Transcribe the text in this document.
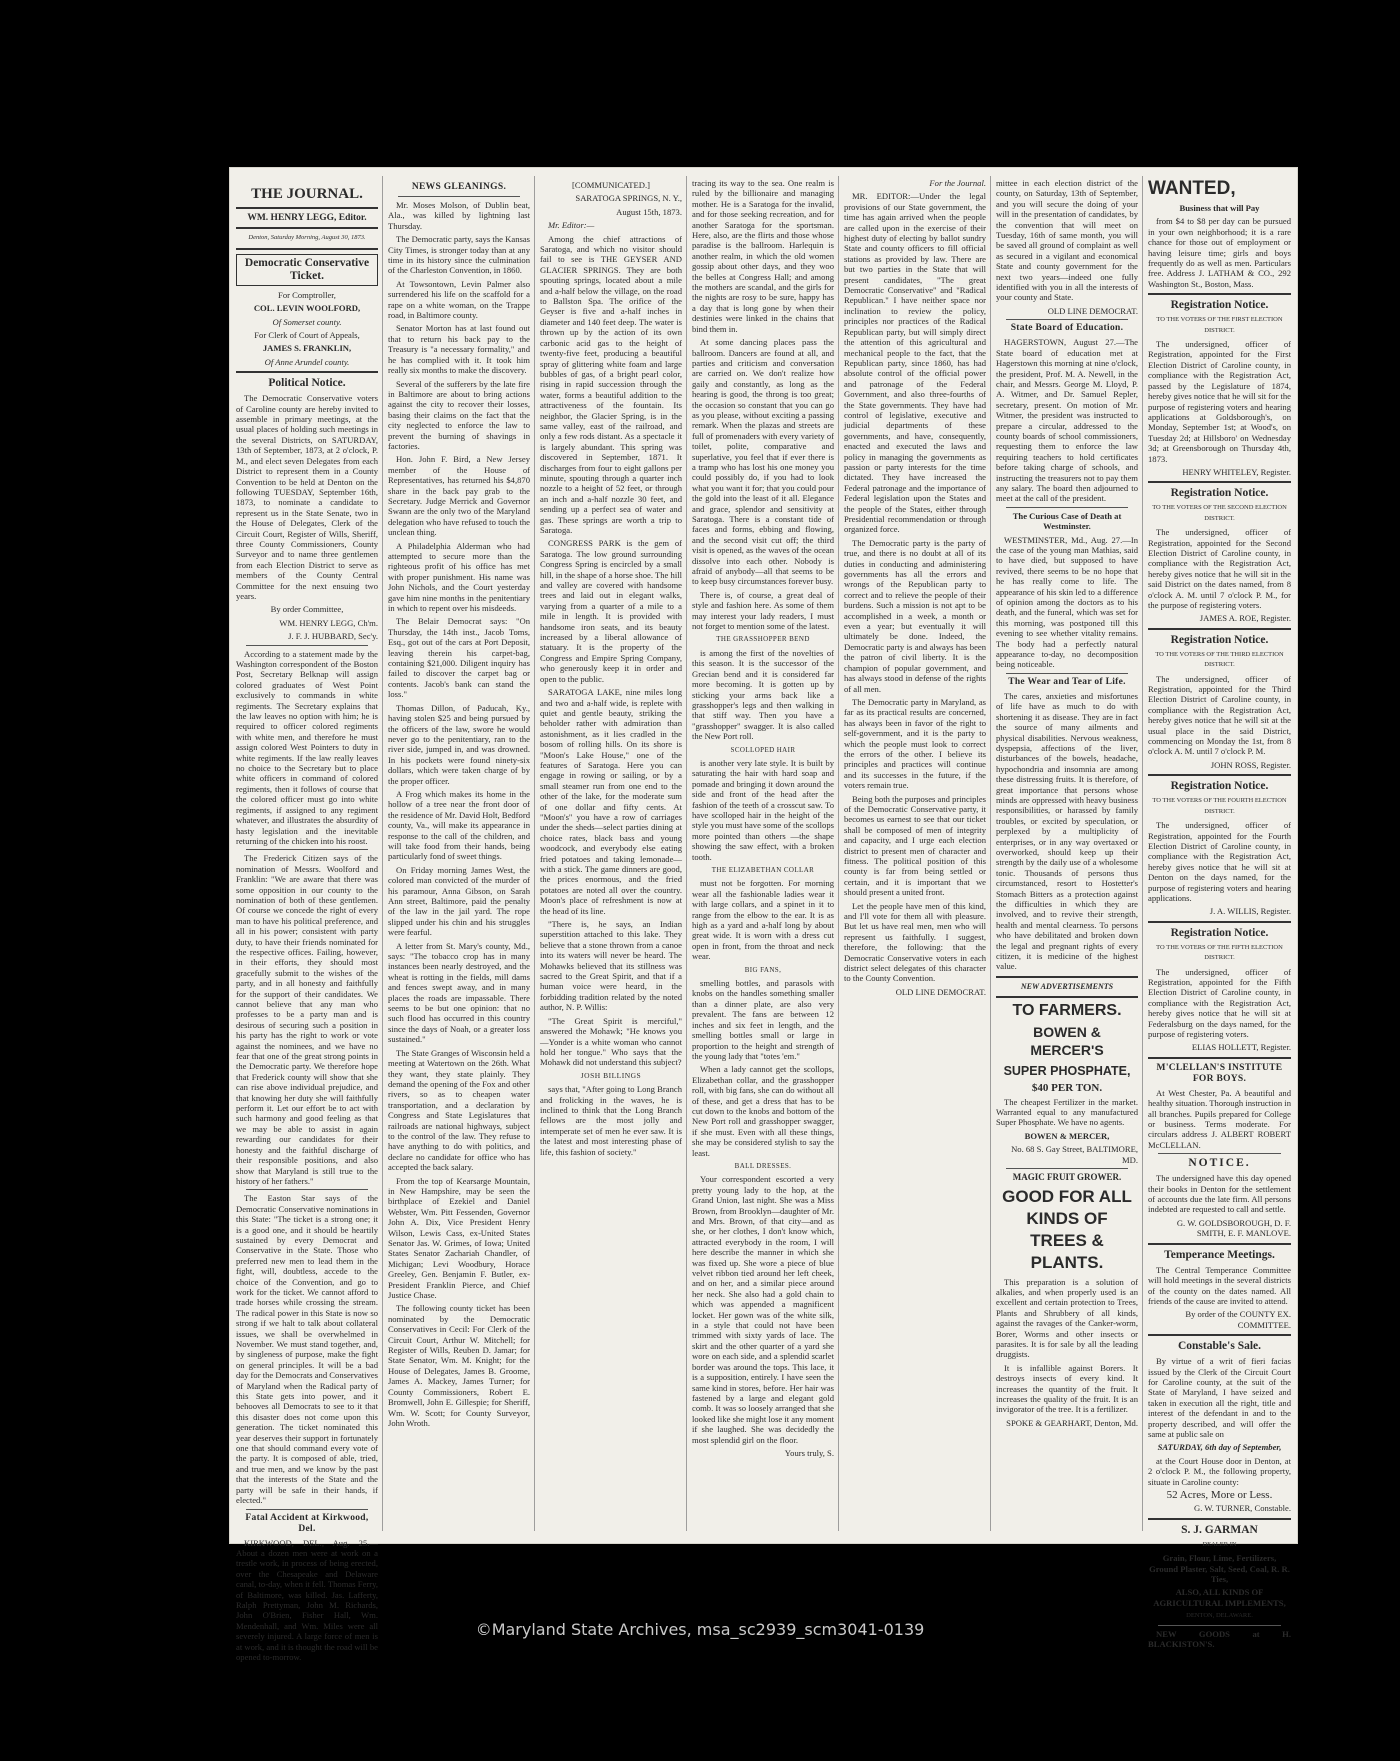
THE JOURNAL.

WM. HENRY LEGG, Editor.

Denton, Saturday Morning, August 30, 1873.

Democratic Conservative Ticket.

For Comptroller,

COL. LEVIN WOOLFORD,

Of Somerset county.

For Clerk of Court of Appeals,

JAMES S. FRANKLIN,

Of Anne Arundel county.

Political Notice.

The Democratic Conservative voters of Caroline county are hereby invited to assemble in primary meetings, at the usual places of holding such meetings in the several Districts, on SATURDAY, 13th of September, 1873, at 2 o'clock, P. M., and elect seven Delegates from each District to represent them in a County Convention to be held at Denton on the following TUESDAY, September 16th, 1873, to nominate a candidate to represent us in the State Senate, two in the House of Delegates, Clerk of the Circuit Court, Register of Wills, Sheriff, three County Commissioners, County Surveyor and to name three gentlemen from each Election District to serve as members of the County Central Committee for the next ensuing two years.

By order Committee,

WM. HENRY LEGG, Ch'm.

J. F. J. HUBBARD, Sec'y.

According to a statement made by the Washington correspondent of the Boston Post, Secretary Belknap will assign colored graduates of West Point exclusively to commands in white regiments. The Secretary explains that the law leaves no option with him; he is required to officer colored regiments with white men, and therefore he must assign colored West Pointers to duty in white regiments. If the law really leaves no choice to the Secretary but to place white officers in command of colored regiments, then it follows of course that the colored officer must go into white regiments, if assigned to any regiment whatever, and illustrates the absurdity of hasty legislation and the inevitable returning of the chicken into his roost.

The Frederick Citizen says of the nomination of Messrs. Woolford and Franklin: "We are aware that there was some opposition in our county to the nomination of both of these gentlemen. Of course we concede the right of every man to have his political preference, and all in his power; consistent with party duty, to have their friends nominated for the respective offices. Failing, however, in their efforts, they should most gracefully submit to the wishes of the party, and in all honesty and faithfully for the support of their candidates. We cannot believe that any man who professes to be a party man and is desirous of securing such a position in his party has the right to work or vote against the nominees, and we have no fear that one of the great strong points in the Democratic party. We therefore hope that Frederick county will show that she can rise above individual prejudice, and that knowing her duty she will faithfully perform it. Let our effort be to act with such harmony and good feeling as that we may be able to assist in again rewarding our candidates for their honesty and the faithful discharge of their responsible positions, and also show that Maryland is still true to the history of her fathers."

The Easton Star says of the Democratic Conservative nominations in this State: "The ticket is a strong one; it is a good one, and it should be heartily sustained by every Democrat and Conservative in the State. Those who preferred new men to lead them in the fight, will, doubtless, accede to the choice of the Convention, and go to work for the ticket. We cannot afford to trade horses while crossing the stream. The radical power in this State is now so strong if we halt to talk about collateral issues, we shall be overwhelmed in November. We must stand together, and, by singleness of purpose, make the fight on general principles. It will be a bad day for the Democrats and Conservatives of Maryland when the Radical party of this State gets into power, and it behooves all Democrats to see to it that this disaster does not come upon this generation. The ticket nominated this year deserves their support in fortunately one that should command every vote of the party. It is composed of able, tried, and true men, and we know by the past that the interests of the State and the party will be safe in their hands, if elected."

Fatal Accident at Kirkwood, Del.

KIRKWOOD, DEL., Aug. 25.—About a dozen men were at work on a trestle work, in process of being erected, over the Chesapeake and Delaware canal, to-day, when it fell. Thomas Ferry, of Baltimore, was killed. Jas. Lafferty, Ralph Prettyman, John M. Richards, John O'Brien, Fisher Hall, Wm. Mendenhall, and Wm. Miles were all severely injured. A large force of men is at work, and it is thought the road will be opened to-morrow.

NEWS GLEANINGS.

Mr. Moses Molson, of Dublin beat, Ala., was killed by lightning last Thursday.

The Democratic party, says the Kansas City Times, is stronger today than at any time in its history since the culmination of the Charleston Convention, in 1860.

At Towsontown, Levin Palmer also surrendered his life on the scaffold for a rape on a white woman, on the Trappe road, in Baltimore county.

Senator Morton has at last found out that to return his back pay to the Treasury is "a necessary formality," and he has complied with it. It took him really six months to make the discovery.

Several of the sufferers by the late fire in Baltimore are about to bring actions against the city to recover their losses, basing their claims on the fact that the city neglected to enforce the law to prevent the burning of shavings in factories.

Hon. John F. Bird, a New Jersey member of the House of Representatives, has returned his $4,870 share in the back pay grab to the Secretary. Judge Merrick and Governor Swann are the only two of the Maryland delegation who have refused to touch the unclean thing.

A Philadelphia Alderman who had attempted to secure more than the righteous profit of his office has met with proper punishment. His name was John Nichols, and the Court yesterday gave him nine months in the penitentiary in which to repent over his misdeeds.

The Belair Democrat says: "On Thursday, the 14th inst., Jacob Toms, Esq., got out of the cars at Port Deposit, leaving therein his carpet-bag, containing $21,000. Diligent inquiry has failed to discover the carpet bag or contents. Jacob's bank can stand the loss."

Thomas Dillon, of Paducah, Ky., having stolen $25 and being pursued by the officers of the law, swore he would never go to the penitentiary, ran to the river side, jumped in, and was drowned. In his pockets were found ninety-six dollars, which were taken charge of by the proper officer.

A Frog which makes its home in the hollow of a tree near the front door of the residence of Mr. David Holt, Bedford county, Va., will make its appearance in response to the call of the children, and will take food from their hands, being particularly fond of sweet things.

On Friday morning James West, the colored man convicted of the murder of his paramour, Anna Gibson, on Sarah Ann street, Baltimore, paid the penalty of the law in the jail yard. The rope slipped under his chin and his struggles were fearful.

A letter from St. Mary's county, Md., says: "The tobacco crop has in many instances been nearly destroyed, and the wheat is rotting in the fields, mill dams and fences swept away, and in many places the roads are impassable. There seems to be but one opinion: that no such flood has occurred in this country since the days of Noah, or a greater loss sustained."

The State Granges of Wisconsin held a meeting at Watertown on the 26th. What they want, they state plainly. They demand the opening of the Fox and other rivers, so as to cheapen water transportation, and a declaration by Congress and State Legislatures that railroads are national highways, subject to the control of the law. They refuse to have anything to do with politics, and declare no candidate for office who has accepted the back salary.

From the top of Kearsarge Mountain, in New Hampshire, may be seen the birthplace of Ezekiel and Daniel Webster, Wm. Pitt Fessenden, Governor John A. Dix, Vice President Henry Wilson, Lewis Cass, ex-United States Senator Jas. W. Grimes, of Iowa; United States Senator Zachariah Chandler, of Michigan; Levi Woodbury, Horace Greeley, Gen. Benjamin F. Butler, ex-President Franklin Pierce, and Chief Justice Chase.

The following county ticket has been nominated by the Democratic Conservatives in Cecil: For Clerk of the Circuit Court, Arthur W. Mitchell; for Register of Wills, Reuben D. Jamar; for State Senator, Wm. M. Knight; for the House of Delegates, James B. Groome, James A. Mackey, James Turner; for County Commissioners, Robert E. Bromwell, John E. Gillespie; for Sheriff, Wm. W. Scott; for County Surveyor, John Wroth.

[COMMUNICATED.]

SARATOGA SPRINGS, N. Y.,

August 15th, 1873.

Mr. Editor:—

Among the chief attractions of Saratoga, and which no visitor should fail to see is THE GEYSER AND GLACIER SPRINGS. They are both spouting springs, located about a mile and a-half below the village, on the road to Ballston Spa. The orifice of the Geyser is five and a-half inches in diameter and 140 feet deep. The water is thrown up by the action of its own carbonic acid gas to the height of twenty-five feet, producing a beautiful spray of glittering white foam and large bubbles of gas, of a bright pearl color, rising in rapid succession through the water, forms a beautiful addition to the attractiveness of the fountain. Its neighbor, the Glacier Spring, is in the same valley, east of the railroad, and only a few rods distant. As a spectacle it is largely abundant. This spring was discovered in September, 1871. It discharges from four to eight gallons per minute, spouting through a quarter inch nozzle to a height of 52 feet, or through an inch and a-half nozzle 30 feet, and sending up a perfect sea of water and gas. These springs are worth a trip to Saratoga.

CONGRESS PARK is the gem of Saratoga. The low ground surrounding Congress Spring is encircled by a small hill, in the shape of a horse shoe. The hill and valley are covered with handsome trees and laid out in elegant walks, varying from a quarter of a mile to a mile in length. It is provided with handsome iron seats, and its beauty increased by a liberal allowance of statuary. It is the property of the Congress and Empire Spring Company, who generously keep it in order and open to the public.

SARATOGA LAKE, nine miles long and two and a-half wide, is replete with quiet and gentle beauty, striking the beholder rather with admiration than astonishment, as it lies cradled in the bosom of rolling hills. On its shore is "Moon's Lake House," one of the features of Saratoga. Here you can engage in rowing or sailing, or by a small steamer run from one end to the other of the lake, for the moderate sum of one dollar and fifty cents. At "Moon's" you have a row of carriages under the sheds—select parties dining at choice rates, black bass and young woodcock, and everybody else eating fried potatoes and taking lemonade—with a stick. The game dinners are good, the prices enormous, and the fried potatoes are noted all over the country. Moon's place of refreshment is now at the head of its line.

"There is, he says, an Indian superstition attached to this lake. They believe that a stone thrown from a canoe into its waters will never be heard. The Mohawks believed that its stillness was sacred to the Great Spirit, and that if a human voice were heard, in the forbidding tradition related by the noted author, N. P. Willis:

"The Great Spirit is merciful," answered the Mohawk; "He knows you—Yonder is a white woman who cannot hold her tongue." Who says that the Mohawk did not understand this subject?

JOSH BILLINGS

says that, "After going to Long Branch and frolicking in the waves, he is inclined to think that the Long Branch fellows are the most jolly and intemperate set of men he ever saw. It is the latest and most interesting phase of life, this fashion of society."

tracing its way to the sea. One realm is ruled by the billionaire and managing mother. He is a Saratoga for the invalid, and for those seeking recreation, and for another Saratoga for the sportsman. Here, also, are the flirts and those whose paradise is the ballroom. Harlequin is another realm, in which the old women gossip about other days, and they woo the belles at Congress Hall; and among the mothers are scandal, and the girls for the nights are rosy to be sure, happy has a day that is long gone by when their destinies were linked in the chains that bind them in.

At some dancing places pass the ballroom. Dancers are found at all, and parties and criticism and conversation are carried on. We don't realize how gaily and constantly, as long as the hearing is good, the throng is too great; the occasion so constant that you can go as you please, without exciting a passing remark. When the plazas and streets are full of promenaders with every variety of toilet, polite, comparative and superlative, you feel that if ever there is a tramp who has lost his one money you could possibly do, if you had to look what you want it for; that you could pour the gold into the least of it all. Elegance and grace, splendor and sensitivity at Saratoga. There is a constant tide of faces and forms, ebbing and flowing, and the second visit cut off; the third visit is opened, as the waves of the ocean dissolve into each other. Nobody is afraid of anybody—all that seems to be to keep busy circumstances forever busy.

There is, of course, a great deal of style and fashion here. As some of them may interest your lady readers, I must not forget to mention some of the latest.

THE GRASSHOPPER BEND

is among the first of the novelties of this season. It is the successor of the Grecian bend and it is considered far more becoming. It is gotten up by sticking your arms back like a grasshopper's legs and then walking in that stiff way. Then you have a "grasshopper" swagger. It is also called the New Port roll.

SCOLLOPED HAIR

is another very late style. It is built by saturating the hair with hard soap and pomade and bringing it down around the side and front of the head after the fashion of the teeth of a crosscut saw. To have scolloped hair in the height of the style you must have some of the scollops more pointed than others —the shape showing the saw effect, with a broken tooth.

THE ELIZABETHAN COLLAR

must not be forgotten. For morning wear all the fashionable ladies wear it with large collars, and a spinet in it to range from the elbow to the ear. It is as high as a yard and a-half long by about great wide. It is worn with a dress cut open in front, from the throat and neck wear.

BIG FANS,

smelling bottles, and parasols with knobs on the handles something smaller than a dinner plate, are also very prevalent. The fans are between 12 inches and six feet in length, and the smelling bottles small or large in proportion to the height and strength of the young lady that "totes 'em."

When a lady cannot get the scollops, Elizabethan collar, and the grasshopper roll, with big fans, she can do without all of these, and get a dress that has to be cut down to the knobs and bottom of the New Port roll and grasshopper swagger, if she must. Even with all these things, she may be considered stylish to say the least.

BALL DRESSES.

Your correspondent escorted a very pretty young lady to the hop, at the Grand Union, last night. She was a Miss Brown, from Brooklyn—daughter of Mr. and Mrs. Brown, of that city—and as she, or her clothes, I don't know which, attracted everybody in the room, I will here describe the manner in which she was fixed up. She wore a piece of blue velvet ribbon tied around her left cheek, and on her, and a similar piece around her neck. She also had a gold chain to which was appended a magnificent locket. Her gown was of the white silk, in a style that could not have been trimmed with sixty yards of lace. The skirt and the other quarter of a yard she wore on each side, and a splendid scarlet border was around the tops. This lace, it is a supposition, entirely. I have seen the same kind in stores, before. Her hair was fastened by a large and elegant gold comb. It was so loosely arranged that she looked like she might lose it any moment if she laughed. She was decidedly the most splendid girl on the floor.

Yours truly, S.

For the Journal.

MR. EDITOR:—Under the legal provisions of our State government, the time has again arrived when the people are called upon in the exercise of their highest duty of electing by ballot sundry State and county officers to fill official stations as provided by law. There are but two parties in the State that will present candidates, "The great Democratic Conservative" and "Radical Republican." I have neither space nor inclination to review the policy, principles nor practices of the Radical Republican party, but will simply direct the attention of this agricultural and mechanical people to the fact, that the Republican party, since 1860, has had absolute control of the official power and patronage of the Federal Government, and also three-fourths of the State governments. They have had control of legislative, executive and judicial departments of these governments, and have, consequently, enacted and executed the laws and policy in managing the governments as passion or party interests for the time dictated. They have increased the Federal patronage and the importance of Federal legislation upon the States and the people of the States, either through Presidential recommendation or through organized force.

The Democratic party is the party of true, and there is no doubt at all of its duties in conducting and administering governments has all the errors and wrongs of the Republican party to correct and to relieve the people of their burdens. Such a mission is not apt to be accomplished in a week, a month or even a year; but eventually it will ultimately be done. Indeed, the Democratic party is and always has been the patron of civil liberty. It is the champion of popular government, and has always stood in defense of the rights of all men.

The Democratic party in Maryland, as far as its practical results are concerned, has always been in favor of the right to self-government, and it is the party to which the people must look to correct the errors of the other. I believe its principles and practices will continue and its successes in the future, if the voters remain true.

Being both the purposes and principles of the Democratic Conservative party, it becomes us earnest to see that our ticket shall be composed of men of integrity and capacity, and I urge each election district to present men of character and fitness. The political position of this county is far from being settled or certain, and it is important that we should present a united front.

Let the people have men of this kind, and I'll vote for them all with pleasure. But let us have real men, men who will represent us faithfully. I suggest, therefore, the following: that the Democratic Conservative voters in each district select delegates of this character to the County Convention.

OLD LINE DEMOCRAT.

mittee in each election district of the county, on Saturday, 13th of September, and you will secure the doing of your will in the presentation of candidates, by the convention that will meet on Tuesday, 16th of same month, you will be saved all ground of complaint as well as secured in a vigilant and economical State and county government for the next two years—indeed one fully identified with you in all the interests of your county and State.

OLD LINE DEMOCRAT.

State Board of Education.

HAGERSTOWN, August 27.—The State board of education met at Hagerstown this morning at nine o'clock, the president, Prof. M. A. Newell, in the chair, and Messrs. George M. Lloyd, P. A. Witmer, and Dr. Samuel Repler, secretary, present. On motion of Mr. Witmer, the president was instructed to prepare a circular, addressed to the county boards of school commissioners, requesting them to enforce the law requiring teachers to hold certificates before taking charge of schools, and instructing the treasurers not to pay them any salary. The board then adjourned to meet at the call of the president.

The Curious Case of Death at Westminster.

WESTMINSTER, Md., Aug. 27.—In the case of the young man Mathias, said to have died, but supposed to have revived, there seems to be no hope that he has really come to life. The appearance of his skin led to a difference of opinion among the doctors as to his death, and the funeral, which was set for this morning, was postponed till this evening to see whether vitality remains. The body had a perfectly natural appearance to-day, no decomposition being noticeable.

The Wear and Tear of Life.

The cares, anxieties and misfortunes of life have as much to do with shortening it as disease. They are in fact the source of many ailments and physical disabilities. Nervous weakness, dyspepsia, affections of the liver, disturbances of the bowels, headache, hypochondria and insomnia are among these distressing fruits. It is therefore, of great importance that persons whose minds are oppressed with heavy business responsibilities, or harassed by family troubles, or excited by speculation, or perplexed by a multiplicity of enterprises, or in any way overtaxed or overworked, should keep up their strength by the daily use of a wholesome tonic. Thousands of persons thus circumstanced, resort to Hostetter's Stomach Bitters as a protection against the difficulties in which they are involved, and to revive their strength, health and mental clearness. To persons who have debilitated and broken down the legal and pregnant rights of every citizen, it is medicine of the highest value.

NEW ADVERTISEMENTS

TO FARMERS.

BOWEN & MERCER'S

SUPER PHOSPHATE,

$40 PER TON.

The cheapest Fertilizer in the market. Warranted equal to any manufactured Super Phosphate. We have no agents.

BOWEN & MERCER,

No. 68 S. Gay Street, BALTIMORE, MD.

MAGIC FRUIT GROWER.

GOOD FOR ALL KINDS OF TREES & PLANTS.

This preparation is a solution of alkalies, and when properly used is an excellent and certain protection to Trees, Plants and Shrubbery of all kinds, against the ravages of the Canker-worm, Borer, Worms and other insects or parasites. It is for sale by all the leading druggists.

It is infallible against Borers. It destroys insects of every kind. It increases the quantity of the fruit. It increases the quality of the fruit. It is an invigorator of the tree. It is a fertilizer.

SPOKE & GEARHART, Denton, Md.

WANTED,

Business that will Pay

from $4 to $8 per day can be pursued in your own neighborhood; it is a rare chance for those out of employment or having leisure time; girls and boys frequently do as well as men. Particulars free. Address J. LATHAM & CO., 292 Washington St., Boston, Mass.

Registration Notice.

TO THE VOTERS OF THE FIRST ELECTION DISTRICT.

The undersigned, officer of Registration, appointed for the First Election District of Caroline county, in compliance with the Registration Act, passed by the Legislature of 1874, hereby gives notice that he will sit for the purpose of registering voters and hearing applications at Goldsborough's, on Monday, September 1st; at Wood's, on Tuesday 2d; at Hillsboro' on Wednesday 3d; at Greensborough on Thursday 4th, 1873.

HENRY WHITELEY, Register.

Registration Notice.

TO THE VOTERS OF THE SECOND ELECTION DISTRICT.

The undersigned, officer of Registration, appointed for the Second Election District of Caroline county, in compliance with the Registration Act, hereby gives notice that he will sit in the said District on the dates named, from 8 o'clock A. M. until 7 o'clock P. M., for the purpose of registering voters.

JAMES A. ROE, Register.

Registration Notice.

TO THE VOTERS OF THE THIRD ELECTION DISTRICT.

The undersigned, officer of Registration, appointed for the Third Election District of Caroline county, in compliance with the Registration Act, hereby gives notice that he will sit at the usual place in the said District, commencing on Monday the 1st, from 8 o'clock A. M. until 7 o'clock P. M.

JOHN ROSS, Register.

Registration Notice.

TO THE VOTERS OF THE FOURTH ELECTION DISTRICT.

The undersigned, officer of Registration, appointed for the Fourth Election District of Caroline county, in compliance with the Registration Act, hereby gives notice that he will sit at Denton on the days named, for the purpose of registering voters and hearing applications.

J. A. WILLIS, Register.

Registration Notice.

TO THE VOTERS OF THE FIFTH ELECTION DISTRICT.

The undersigned, officer of Registration, appointed for the Fifth Election District of Caroline county, in compliance with the Registration Act, hereby gives notice that he will sit at Federalsburg on the days named, for the purpose of registering voters.

ELIAS HOLLETT, Register.

M'CLELLAN'S INSTITUTE FOR BOYS.

At West Chester, Pa. A beautiful and healthy situation. Thorough instruction in all branches. Pupils prepared for College or business. Terms moderate. For circulars address J. ALBERT ROBERT McCLELLAN.

NOTICE.

The undersigned have this day opened their books in Denton for the settlement of accounts due the late firm. All persons indebted are requested to call and settle.

G. W. GOLDSBOROUGH, D. F. SMITH, E. F. MANLOVE.

Temperance Meetings.

The Central Temperance Committee will hold meetings in the several districts of the county on the dates named. All friends of the cause are invited to attend.

By order of the COUNTY EX. COMMITTEE.

Constable's Sale.

By virtue of a writ of fieri facias issued by the Clerk of the Circuit Court for Caroline county, at the suit of the State of Maryland, I have seized and taken in execution all the right, title and interest of the defendant in and to the property described, and will offer the same at public sale on

SATURDAY, 6th day of September,

at the Court House door in Denton, at 2 o'clock P. M., the following property, situate in Caroline county:

52 Acres, More or Less.

G. W. TURNER, Constable.

S. J. GARMAN

DEALER IN

Grain, Flour, Lime, Fertilizers, Ground Plaster, Salt, Seed, Coal, R. R. Ties,

ALSO, ALL KINDS OF AGRICULTURAL IMPLEMENTS,

DENTON, DELAWARE.

NEW GOODS at H. BLACKISTON'S.

©Maryland State Archives, msa_sc2939_scm3041-0139
